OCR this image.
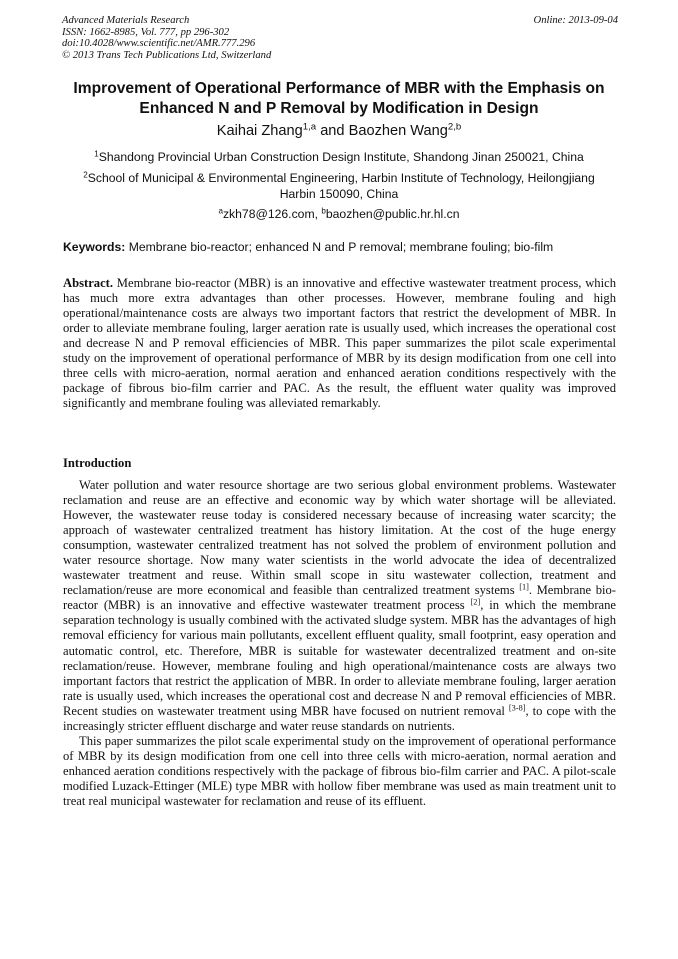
Advanced Materials Research
ISSN: 1662-8985, Vol. 777, pp 296-302
doi:10.4028/www.scientific.net/AMR.777.296
© 2013 Trans Tech Publications Ltd, Switzerland
Online: 2013-09-04
Improvement of Operational Performance of MBR with the Emphasis on
Enhanced N and P Removal by Modification in Design
Kaihai Zhang$^{1,a}$ and Baozhen Wang$^{2,b}$
$^1$Shandong Provincial Urban Construction Design Institute, Shandong Jinan 250021, China
$^2$School of Municipal & Environmental Engineering, Harbin Institute of Technology, Heilongjiang
Harbin 150090, China
$^a$zkh78@126.com, $^b$baozhen@public.hr.hl.cn
Keywords: Membrane bio-reactor; enhanced N and P removal; membrane fouling; bio-film

Abstract. Membrane bio-reactor (MBR) is an innovative and effective wastewater treatment process, which has much more extra advantages than other processes. However, membrane fouling and high operational/maintenance costs are always two important factors that restrict the development of MBR. In order to alleviate membrane fouling, larger aeration rate is usually used, which increases the operational cost and decrease N and P removal efficiencies of MBR. This paper summarizes the pilot scale experimental study on the improvement of operational performance of MBR by its design modification from one cell into three cells with micro-aeration, normal aeration and enhanced aeration conditions respectively with the package of fibrous bio-film carrier and PAC. As the result, the effluent water quality was improved significantly and membrane fouling was alleviated remarkably.

Introduction

Water pollution and water resource shortage are two serious global environment problems. Wastewater reclamation and reuse are an effective and economic way by which water shortage will be alleviated. However, the wastewater reuse today is considered necessary because of increasing water scarcity; the approach of wastewater centralized treatment has history limitation. At the cost of the huge energy consumption, wastewater centralized treatment has not solved the problem of environment pollution and water resource shortage. Now many water scientists in the world advocate the idea of decentralized wastewater treatment and reuse. Within small scope in situ wastewater collection, treatment and reclamation/reuse are more economical and feasible than centralized treatment systems [1]. Membrane bio-reactor (MBR) is an innovative and effective wastewater treatment process [2], in which the membrane separation technology is usually combined with the activated sludge system. MBR has the advantages of high removal efficiency for various main pollutants, excellent effluent quality, small footprint, easy operation and automatic control, etc. Therefore, MBR is suitable for wastewater decentralized treatment and on-site reclamation/reuse. However, membrane fouling and high operational/maintenance costs are always two important factors that restrict the application of MBR. In order to alleviate membrane fouling, larger aeration rate is usually used, which increases the operational cost and decrease N and P removal efficiencies of MBR. Recent studies on wastewater treatment using MBR have focused on nutrient removal [3-8], to cope with the increasingly stricter effluent discharge and water reuse standards on nutrients.

This paper summarizes the pilot scale experimental study on the improvement of operational performance of MBR by its design modification from one cell into three cells with micro-aeration, normal aeration and enhanced aeration conditions respectively with the package of fibrous bio-film carrier and PAC. A pilot-scale modified Luzack-Ettinger (MLE) type MBR with hollow fiber membrane was used as main treatment unit to treat real municipal wastewater for reclamation and reuse of its effluent.
